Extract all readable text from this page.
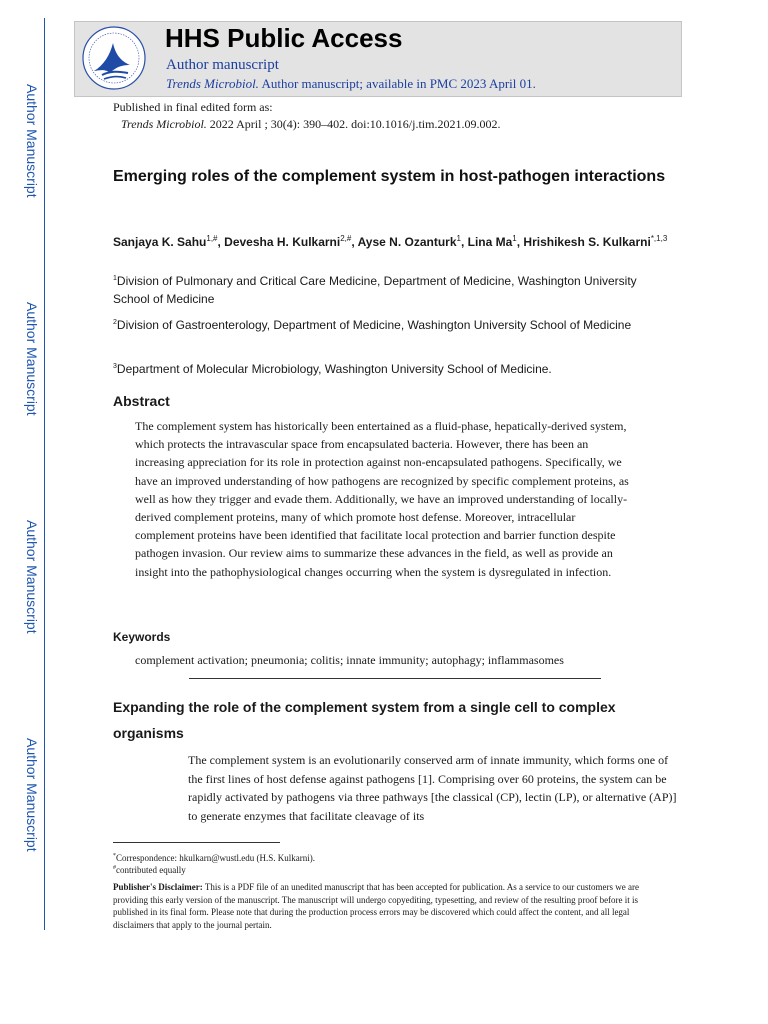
Author Manuscript
Author Manuscript
Author Manuscript
Author Manuscript
HHS Public Access
Author manuscript
Trends Microbiol. Author manuscript; available in PMC 2023 April 01.
Published in final edited form as:
Trends Microbiol. 2022 April ; 30(4): 390–402. doi:10.1016/j.tim.2021.09.002.
Emerging roles of the complement system in host-pathogen interactions
Sanjaya K. Sahu$^{1,\#}$, Devesha H. Kulkarni$^{2,\#}$, Ayse N. Ozanturk$^1$, Lina Ma$^1$, Hrishikesh S. Kulkarni$^{*,1,3}$
$^1$Division of Pulmonary and Critical Care Medicine, Department of Medicine, Washington University School of Medicine
$^2$Division of Gastroenterology, Department of Medicine, Washington University School of Medicine
$^3$Department of Molecular Microbiology, Washington University School of Medicine.
Abstract
The complement system has historically been entertained as a fluid-phase, hepatically-derived system, which protects the intravascular space from encapsulated bacteria. However, there has been an increasing appreciation for its role in protection against non-encapsulated pathogens. Specifically, we have an improved understanding of how pathogens are recognized by specific complement proteins, as well as how they trigger and evade them. Additionally, we have an improved understanding of locally-derived complement proteins, many of which promote host defense. Moreover, intracellular complement proteins have been identified that facilitate local protection and barrier function despite pathogen invasion. Our review aims to summarize these advances in the field, as well as provide an insight into the pathophysiological changes occurring when the system is dysregulated in infection.
Keywords
complement activation; pneumonia; colitis; innate immunity; autophagy; inflammasomes
Expanding the role of the complement system from a single cell to complex organisms
The complement system is an evolutionarily conserved arm of innate immunity, which forms one of the first lines of host defense against pathogens [1]. Comprising over 60 proteins, the system can be rapidly activated by pathogens via three pathways [the classical (CP), lectin (LP), or alternative (AP)] to generate enzymes that facilitate cleavage of its
*Correspondence: hkulkarn@wustl.edu (H.S. Kulkarni).
#contributed equally
Publisher's Disclaimer: This is a PDF file of an unedited manuscript that has been accepted for publication. As a service to our customers we are providing this early version of the manuscript. The manuscript will undergo copyediting, typesetting, and review of the resulting proof before it is published in its final form. Please note that during the production process errors may be discovered which could affect the content, and all legal disclaimers that apply to the journal pertain.
